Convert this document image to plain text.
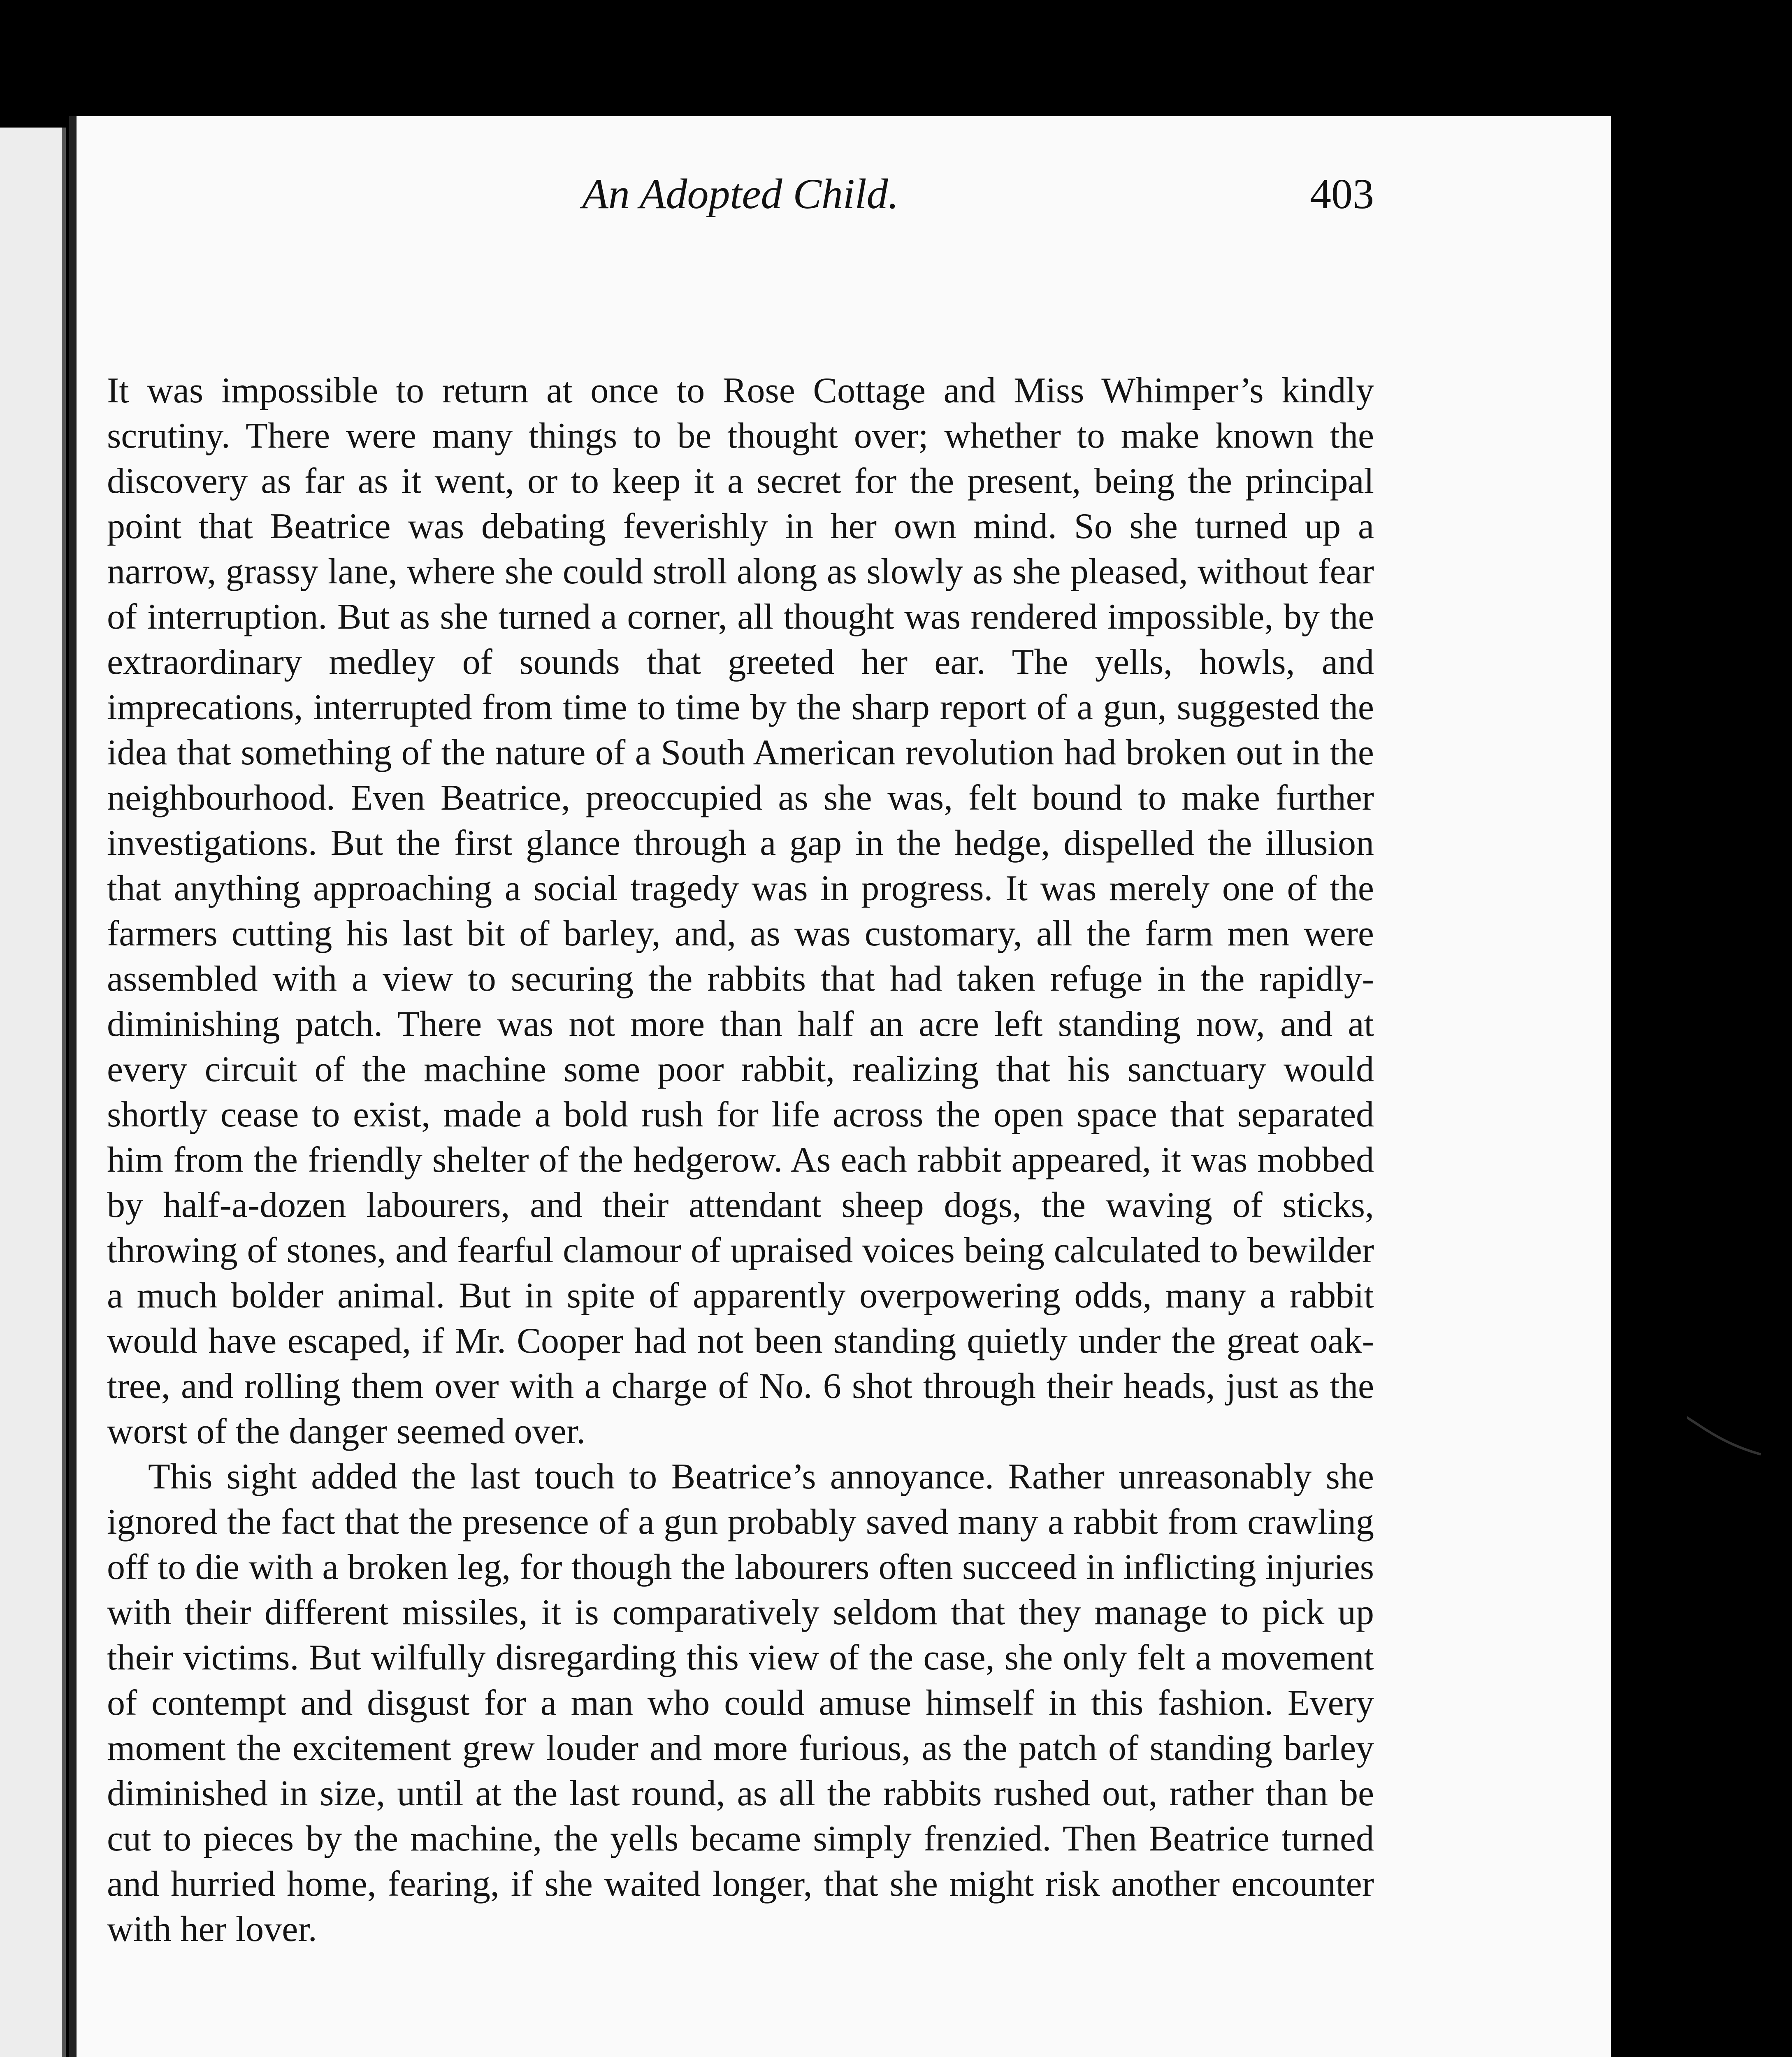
An Adopted Child.	403

It was impossible to return at once to Rose Cottage and Miss Whimper’s kindly scrutiny. There were many things to be thought over; whether to make known the discovery as far as it went, or to keep it a secret for the present, being the principal point that Beatrice was debating feverishly in her own mind. So she turned up a narrow, grassy lane, where she could stroll along as slowly as she pleased, without fear of interruption. But as she turned a corner, all thought was rendered impossible, by the extraordinary medley of sounds that greeted her ear. The yells, howls, and imprecations, interrupted from time to time by the sharp report of a gun, suggested the idea that something of the nature of a South American revolution had broken out in the neighbourhood. Even Beatrice, preoccupied as she was, felt bound to make further investigations. But the first glance through a gap in the hedge, dispelled the illusion that anything approaching a social tragedy was in progress. It was merely one of the farmers cutting his last bit of barley, and, as was customary, all the farm men were assembled with a view to securing the rabbits that had taken refuge in the rapidly-diminishing patch. There was not more than half an acre left standing now, and at every circuit of the machine some poor rabbit, realizing that his sanctuary would shortly cease to exist, made a bold rush for life across the open space that separated him from the friendly shelter of the hedgerow. As each rabbit appeared, it was mobbed by half-a-dozen labourers, and their attendant sheep dogs, the waving of sticks, throwing of stones, and fearful clamour of upraised voices being calculated to bewilder a much bolder animal. But in spite of apparently overpowering odds, many a rabbit would have escaped, if Mr. Cooper had not been standing quietly under the great oak-tree, and rolling them over with a charge of No. 6 shot through their heads, just as the worst of the danger seemed over.

This sight added the last touch to Beatrice’s annoyance. Rather unreasonably she ignored the fact that the presence of a gun probably saved many a rabbit from crawling off to die with a broken leg, for though the labourers often succeed in inflicting injuries with their different missiles, it is comparatively seldom that they manage to pick up their victims. But wilfully disregarding this view of the case, she only felt a movement of contempt and disgust for a man who could amuse himself in this fashion. Every moment the excitement grew louder and more furious, as the patch of standing barley diminished in size, until at the last round, as all the rabbits rushed out, rather than be cut to pieces by the machine, the yells became simply frenzied. Then Beatrice turned and hurried home, fearing, if she waited longer, that she might risk another encounter with her lover.
